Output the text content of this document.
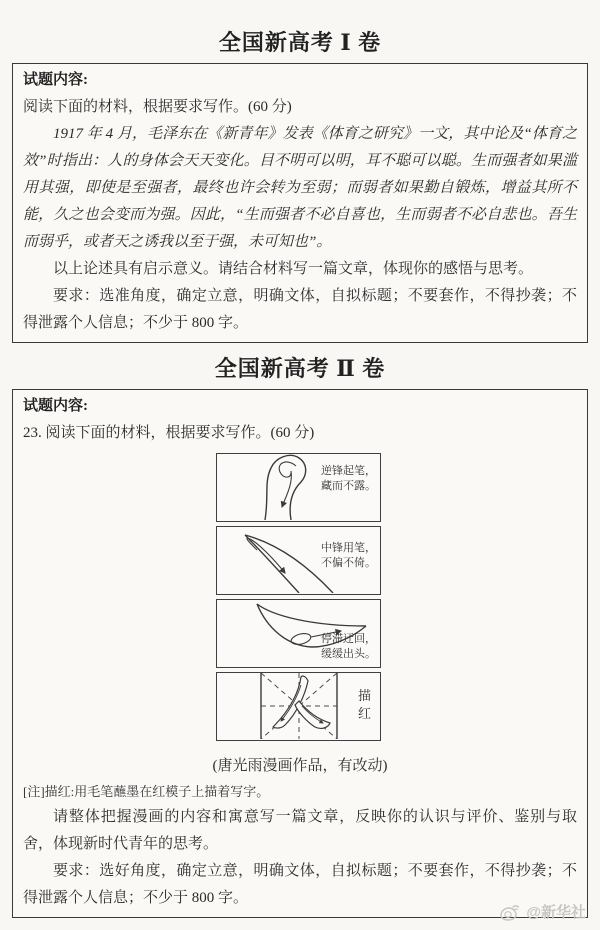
全国新高考 Ⅰ 卷
试题内容:

阅读下面的材料，根据要求写作。(60 分)

1917 年 4 月，毛泽东在《新青年》发表《体育之研究》一文，其中论及“体育之效”时指出：人的身体会天天变化。目不明可以明，耳不聪可以聪。生而强者如果滥用其强，即使是至强者，最终也许会转为至弱；而弱者如果勤自锻炼，增益其所不能，久之也会变而为强。因此，“生而强者不必自喜也，生而弱者不必自悲也。吾生而弱乎，或者天之诱我以至于强，未可知也”。

以上论述具有启示意义。请结合材料写一篇文章，体现你的感悟与思考。

要求：选准角度，确定立意，明确文体，自拟标题；不要套作，不得抄袭；不得泄露个人信息；不少于 800 字。

全国新高考 Ⅱ 卷
试题内容:

23. 阅读下面的材料，根据要求写作。(60 分)

逆锋起笔，
藏而不露。
中锋用笔，
不偏不倚。
停滞迂回，
缓缓出头。
描
红

(唐光雨漫画作品，有改动)

[注]描红:用毛笔蘸墨在红模子上描着写字。

请整体把握漫画的内容和寓意写一篇文章，反映你的认识与评价、鉴别与取舍，体现新时代青年的思考。

要求：选好角度，确定立意，明确文体，自拟标题；不要套作，不得抄袭；不得泄露个人信息；不少于 800 字。

@新华社
